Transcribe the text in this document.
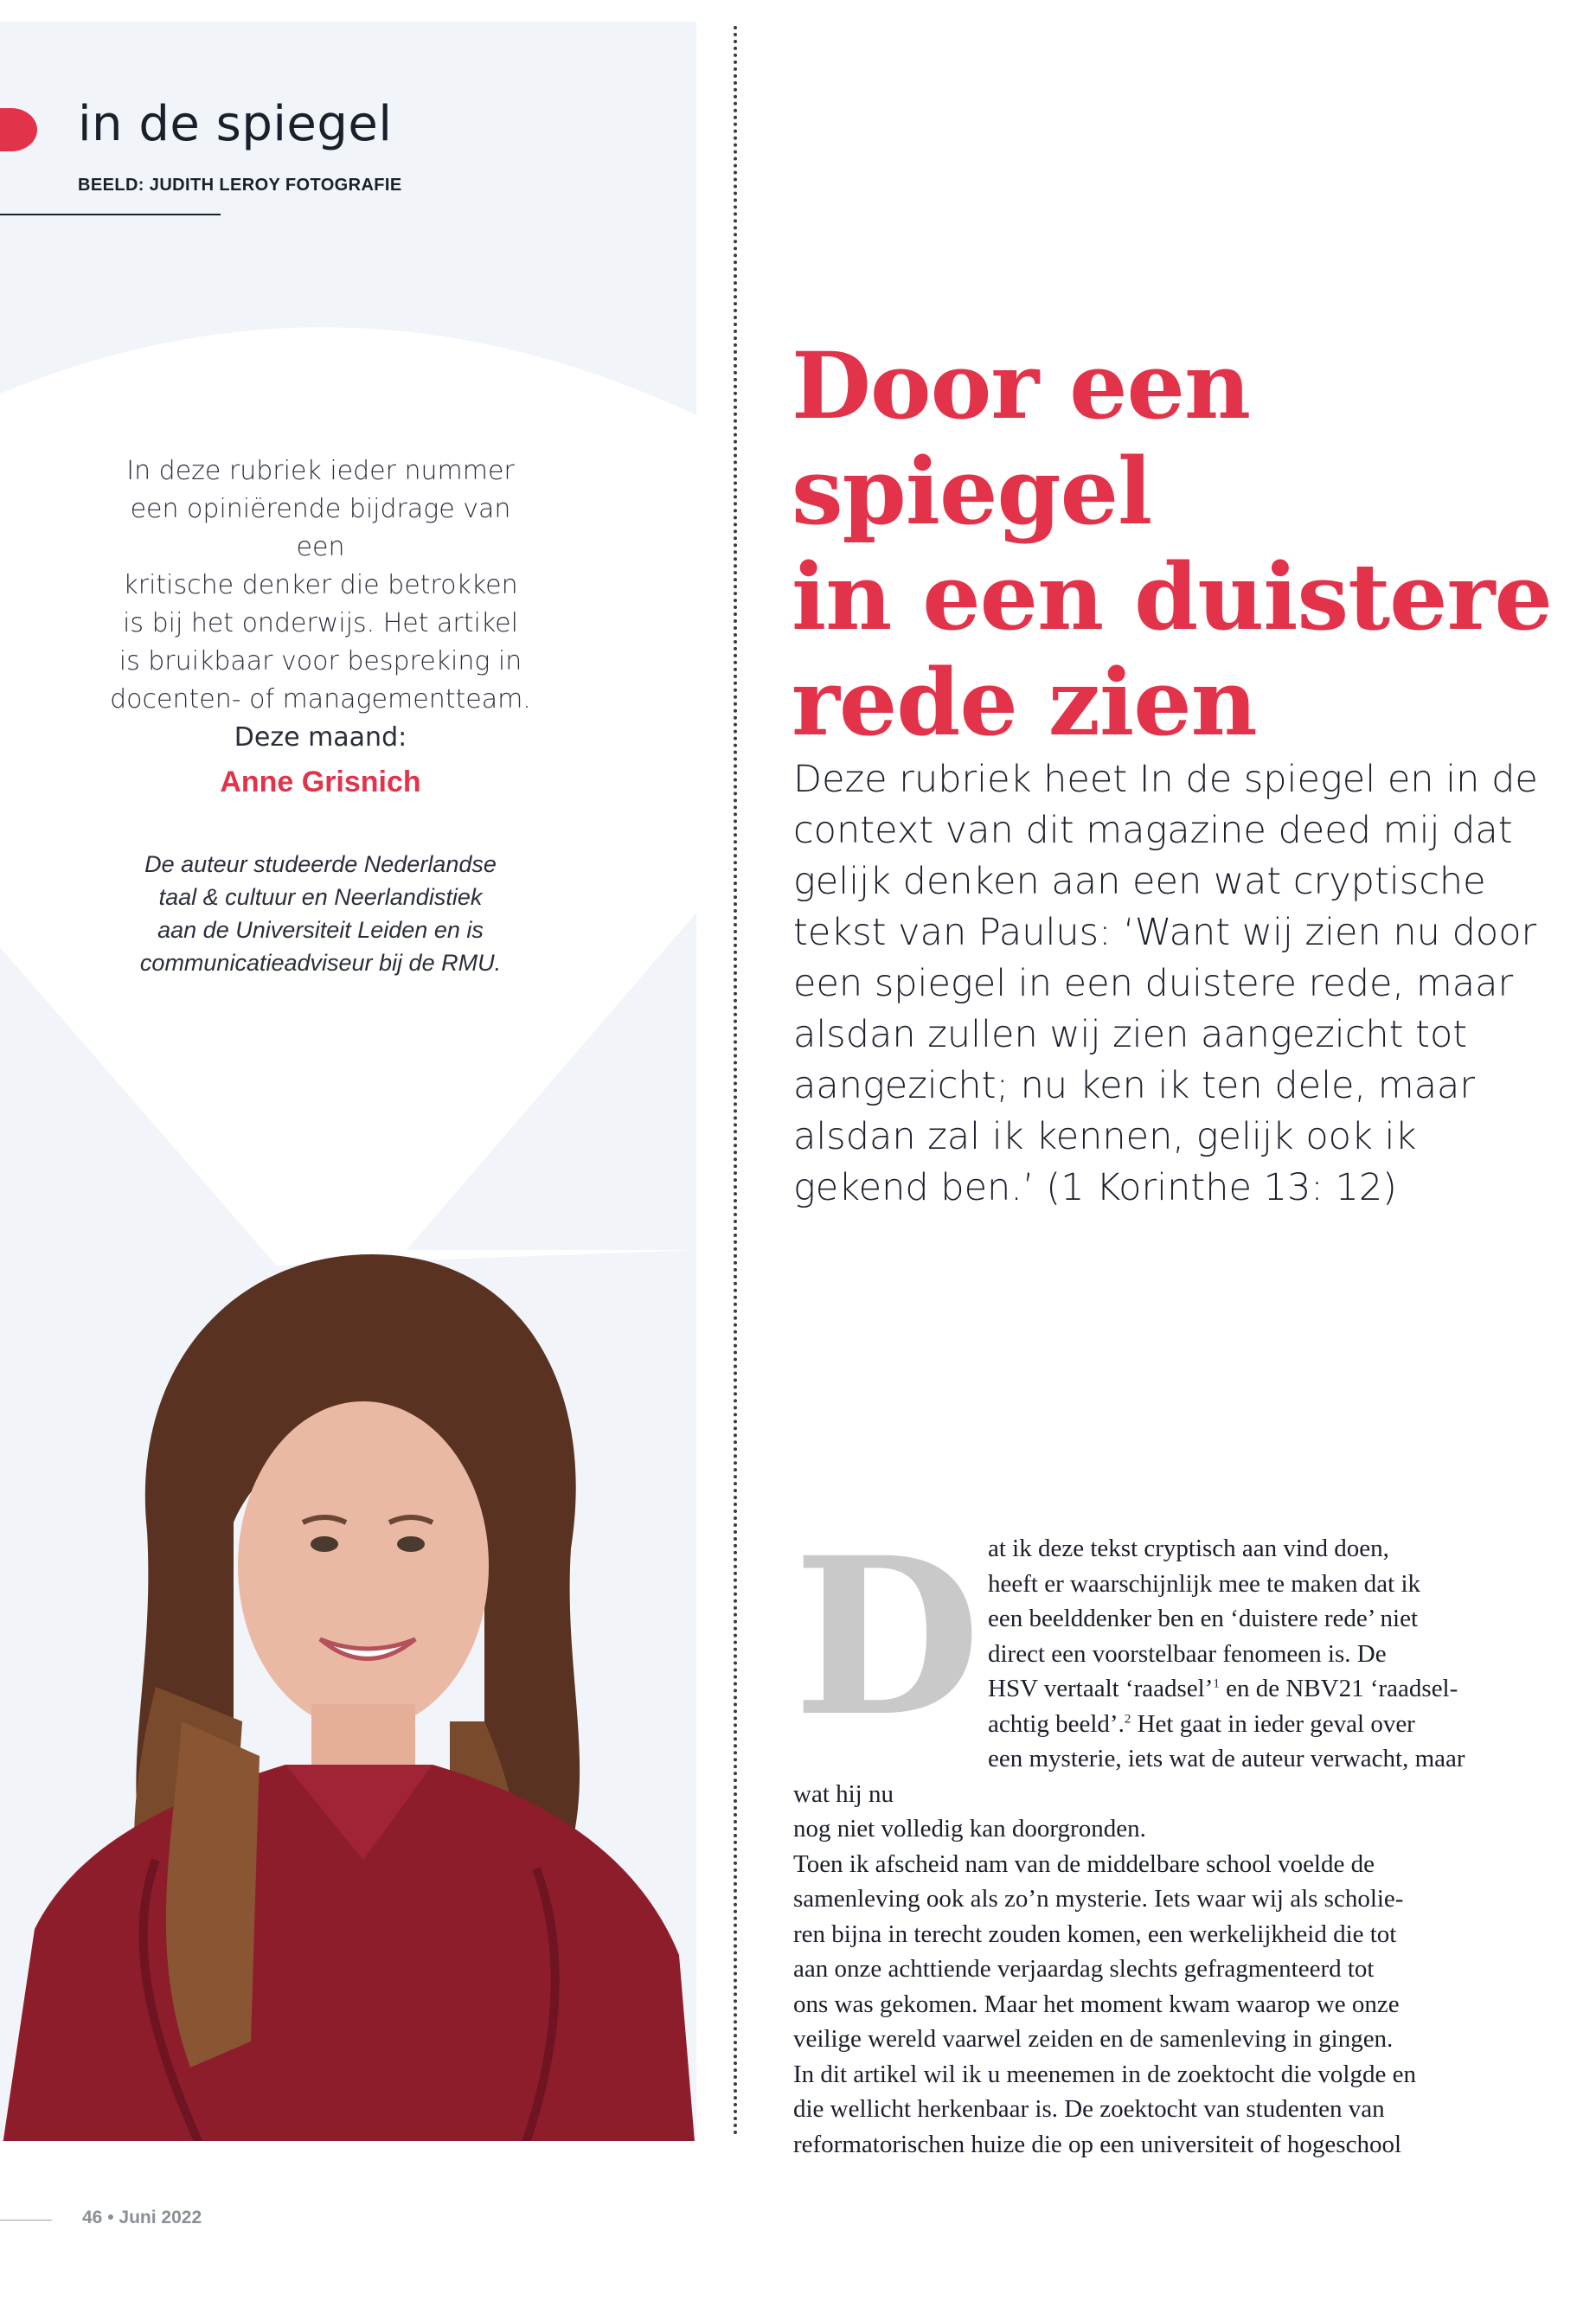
in de spiegel
BEELD: JUDITH LEROY FOTOGRAFIE
In deze rubriek ieder nummer
een opiniërende bijdrage van een
kritische denker die betrokken
is bij het onderwijs. Het artikel
is bruikbaar voor bespreking in
docenten- of managementteam.
Deze maand:
Anne Grisnich
De auteur studeerde Nederlandse
taal & cultuur en Neerlandistiek
aan de Universiteit Leiden en is
communicatieadviseur bij de RMU.
Door een spiegel
in een duistere
rede zien
Deze rubriek heet In de spiegel en in de
context van dit magazine deed mij dat
gelijk denken aan een wat cryptische
tekst van Paulus: ‘Want wij zien nu door
een spiegel in een duistere rede, maar
alsdan zullen wij zien aangezicht tot
aangezicht; nu ken ik ten dele, maar
alsdan zal ik kennen, gelijk ook ik
gekend ben.’ (1 Korinthe 13: 12)
D at ik deze tekst cryptisch aan vind doen,
heeft er waarschijnlijk mee te maken dat ik
een beelddenker ben en ‘duistere rede’ niet
direct een voorstelbaar fenomeen is. De
HSV vertaalt ‘raadsel’$^1$ en de NBV21 ‘raadsel-
achtig beeld’.$^2$ Het gaat in ieder geval over
een mysterie, iets wat de auteur verwacht, maar wat hij nu
nog niet volledig kan doorgronden.

Toen ik afscheid nam van de middelbare school voelde de
samenleving ook als zo’n mysterie. Iets waar wij als scholie-
ren bijna in terecht zouden komen, een werkelijkheid die tot
aan onze achttiende verjaardag slechts gefragmenteerd tot
ons was gekomen. Maar het moment kwam waarop we onze
veilige wereld vaarwel zeiden en de samenleving in gingen.

In dit artikel wil ik u meenemen in de zoektocht die volgde en
die wellicht herkenbaar is. De zoektocht van studenten van
reformatorischen huize die op een universiteit of hogeschool

46 • Juni 2022
